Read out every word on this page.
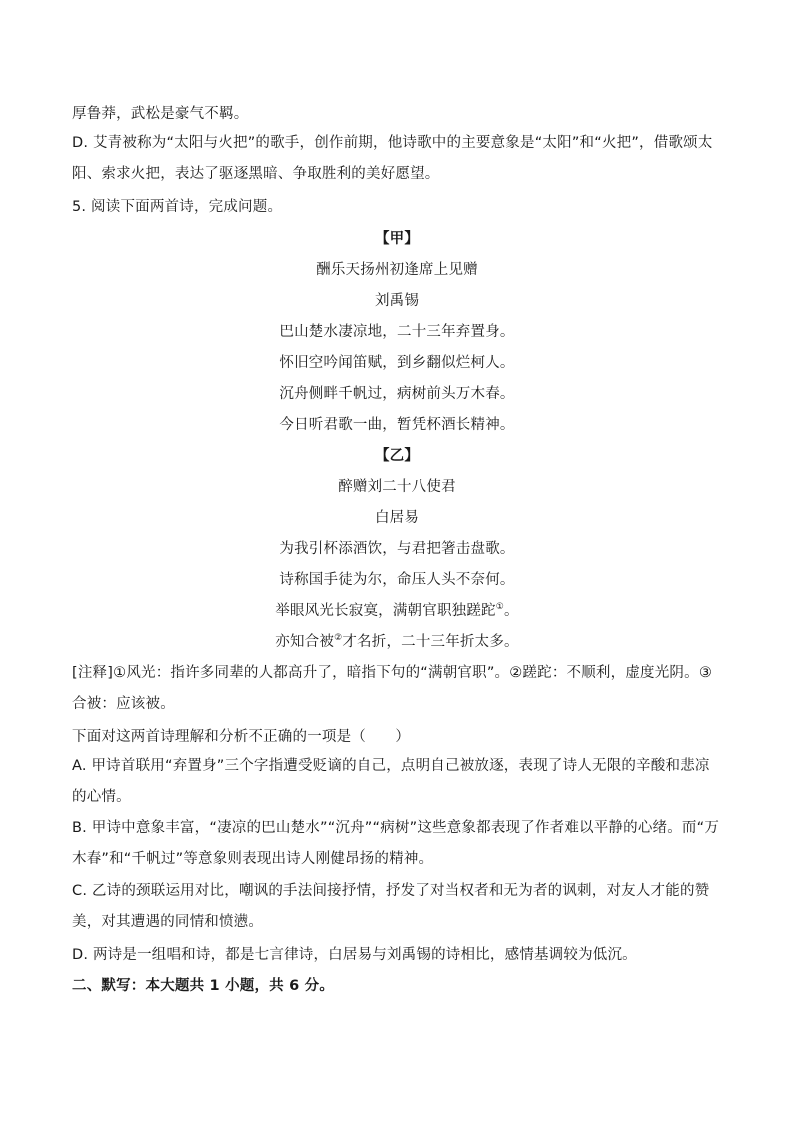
厚鲁莽，武松是豪气不羁。

D. 艾青被称为“太阳与火把”的歌手，创作前期，他诗歌中的主要意象是“太阳”和“火把”，借歌颂太阳、索求火把，表达了驱逐黑暗、争取胜利的美好愿望。

5. 阅读下面两首诗，完成问题。
【甲】
酬乐天扬州初逢席上见赠
刘禹锡
巴山楚水凄凉地，二十三年弃置身。
怀旧空吟闻笛赋，到乡翻似烂柯人。
沉舟侧畔千帆过，病树前头万木春。
今日听君歌一曲，暂凭杯酒长精神。
【乙】
醉赠刘二十八使君
白居易
为我引杯添酒饮，与君把箸击盘歌。
诗称国手徒为尔，命压人头不奈何。
举眼风光长寂寞，满朝官职独蹉跎①。
亦知合被②才名折，二十三年折太多。

[注释]①风光：指许多同辈的人都高升了，暗指下句的“满朝官职”。②蹉跎：不顺利，虚度光阴。③合被：应该被。

下面对这两首诗理解和分析不正确的一项是（　　）

A. 甲诗首联用“弃置身”三个字指遭受贬谪的自己，点明自己被放逐，表现了诗人无限的辛酸和悲凉的心情。

B. 甲诗中意象丰富，“凄凉的巴山楚水”“沉舟”“病树”这些意象都表现了作者难以平静的心绪。而“万木春”和“千帆过”等意象则表现出诗人刚健昂扬的精神。

C. 乙诗的颈联运用对比，嘲讽的手法间接抒情，抒发了对当权者和无为者的讽刺，对友人才能的赞美，对其遭遇的同情和愤懑。

D. 两诗是一组唱和诗，都是七言律诗，白居易与刘禹锡的诗相比，感情基调较为低沉。
二、默写：本大题共 1 小题，共 6 分。
